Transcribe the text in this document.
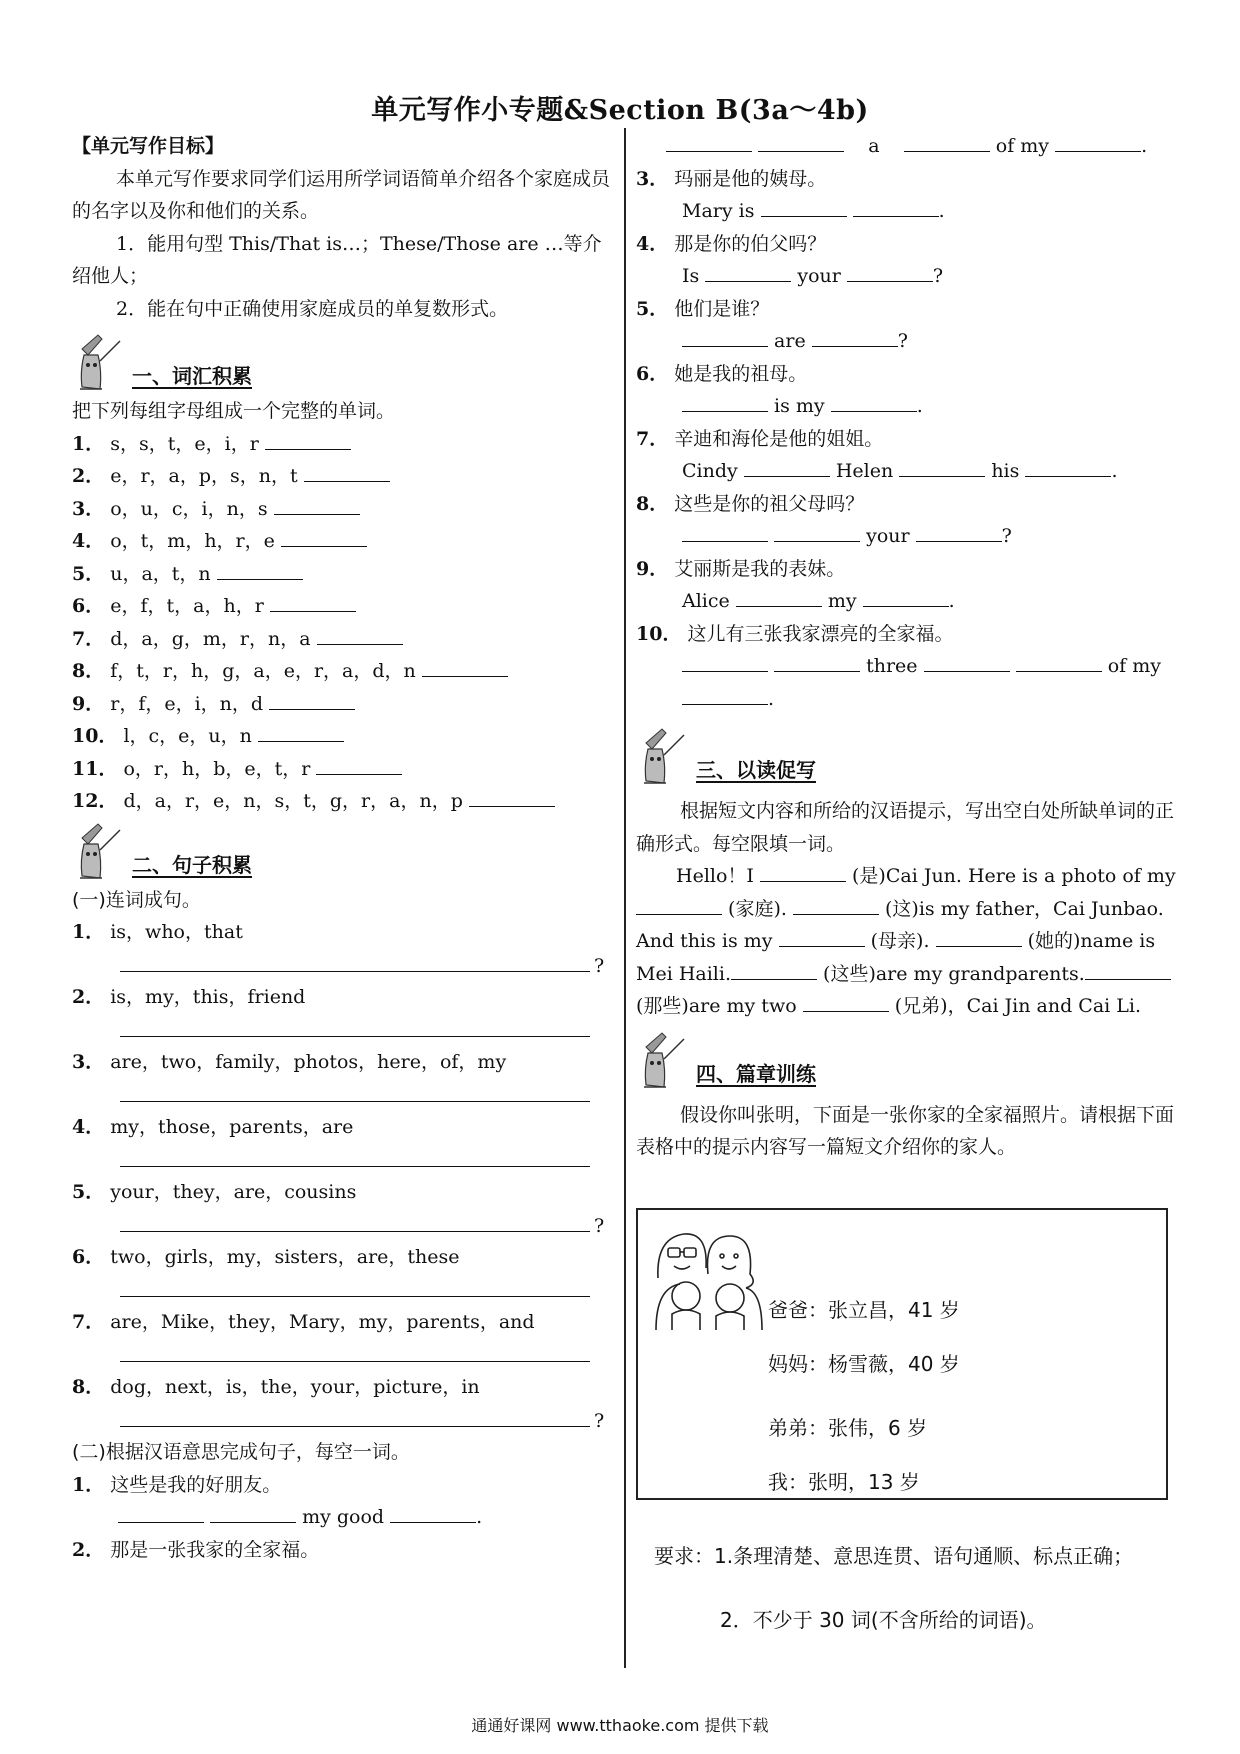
单元写作小专题&Section B(3a～4b)
【单元写作目标】
本单元写作要求同学们运用所学词语简单介绍各个家庭成员的名字以及你和他们的关系。
1．能用句型 This/That is…；These/Those are …等介绍他人；
2．能在句中正确使用家庭成员的单复数形式。
一、词汇积累
把下列每组字母组成一个完整的单词。
1． s，s，t，e，i，r
2． e，r，a，p，s，n，t
3． o，u，c，i，n，s
4． o，t，m，h，r，e
5． u，a，t，n
6． e，f，t，a，h，r
7． d，a，g，m，r，n，a
8． f，t，r，h，g，a，e，r，a，d，n
9． r，f，e，i，n，d
10． l，c，e，u，n
11． o，r，h，b，e，t，r
12． d，a，r，e，n，s，t，g，r，a，n，p
二、句子积累
(一)连词成句。
1． is，who，that
?
2． is，my，this，friend
3． are，two，family，photos，here，of，my
4． my，those，parents，are
5． your，they，are，cousins
?
6． two，girls，my，sisters，are，these
7． are，Mike，they，Mary，my，parents，and
8． dog，next，is，the，your，picture，in
?
(二)根据汉语意思完成句子，每空一词。
1． 这些是我的好朋友。
my good	.
2． 那是一张我家的全家福。
a	of my	.
3． 玛丽是他的姨母。
Mary is	.
4． 那是你的伯父吗？
Is	your	?
5． 他们是谁？
are	?
6． 她是我的祖母。
is my	.
7． 辛迪和海伦是他的姐姐。
Cindy	Helen	his	.
8． 这些是你的祖父母吗？
your	?
9． 艾丽斯是我的表妹。
Alice	my	.
10． 这儿有三张我家漂亮的全家福。
three	of my
.
三、以读促写
根据短文内容和所给的汉语提示，写出空白处所缺单词的正确形式。每空限填一词。
Hello！I	(是)Cai Jun. Here is a photo of my
(家庭).	(这)is my father，Cai Junbao.
And this is my	(母亲).	(她的)name is
Mei Haili.	(这些)are my grandparents.
(那些)are my two	(兄弟)，Cai Jin and Cai Li.
四、篇章训练
假设你叫张明，下面是一张你家的全家福照片。请根据下面表格中的提示内容写一篇短文介绍你的家人。
爸爸：张立昌，41 岁
妈妈：杨雪薇，40 岁
弟弟：张伟，6 岁
我：张明，13 岁
要求：1.条理清楚、意思连贯、语句通顺、标点正确；
2．不少于 30 词(不含所给的词语)。
通通好课网 www.tthaoke.com 提供下载
